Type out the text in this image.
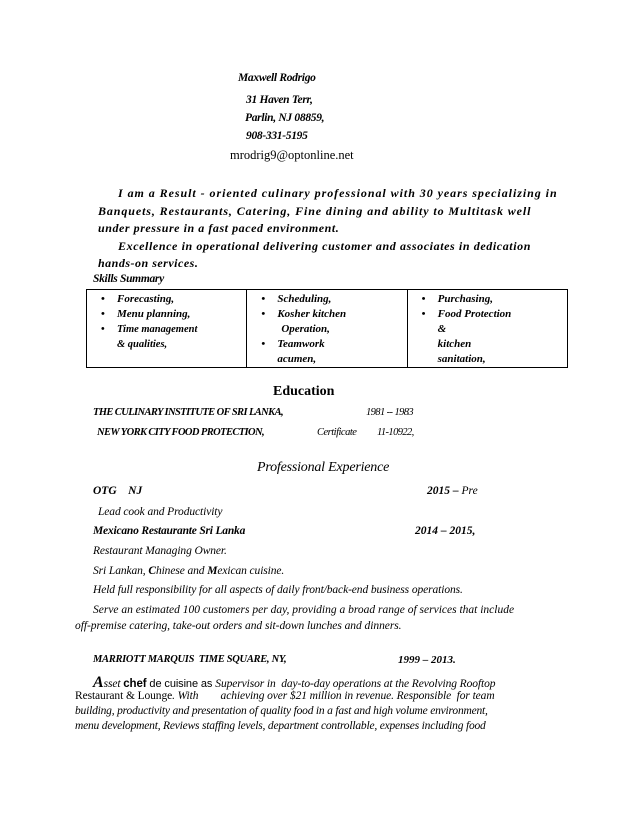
Maxwell Rodrigo
31 Haven Terr,
Parlin, NJ 08859,
908-331-5195
mrodrig9@optonline.net
I am a Result - oriented culinary professional with 30 years specializing in
Banquets, Restaurants, Catering, Fine dining and ability to Multitask well
under pressure in a fast paced environment.
Excellence in operational delivering customer and associates in dedication
hands-on services.
Skills Summary
• Forecasting,
• Menu planning,
• Time management
& qualities,

• Scheduling,
• Kosher kitchen
Operation,
• Teamwork
acumen,

• Purchasing,
• Food Protection
&
kitchen
sanitation,
Education
THE CULINARY INSTITUTE OF SRI LANKA,	1981 -- 1983
NEW YORK CITY FOOD PROTECTION,	Certificate 11-10922,
Professional Experience
OTG    NJ	2015 – Pre
Lead cook and Productivity
Mexicano Restaurante Sri Lanka	2014 – 2015,
Restaurant Managing Owner.
Sri Lankan, Chinese and Mexican cuisine.
Held full responsibility for all aspects of daily front/back-end business operations.
Serve an estimated 100 customers per day, providing a broad range of services that include
off-premise catering, take-out orders and sit-down lunches and dinners.
MARRIOTT MARQUIS  TIME SQUARE, NY,	1999 – 2013.
Asset chef de cuisine as Supervisor in  day-to-day operations at the Revolving Rooftop
Restaurant & Lounge. With        achieving over $21 million in revenue. Responsible  for team
building, productivity and presentation of quality food in a fast and high volume environment,
menu development, Reviews staffing levels, department controllable, expenses including food
